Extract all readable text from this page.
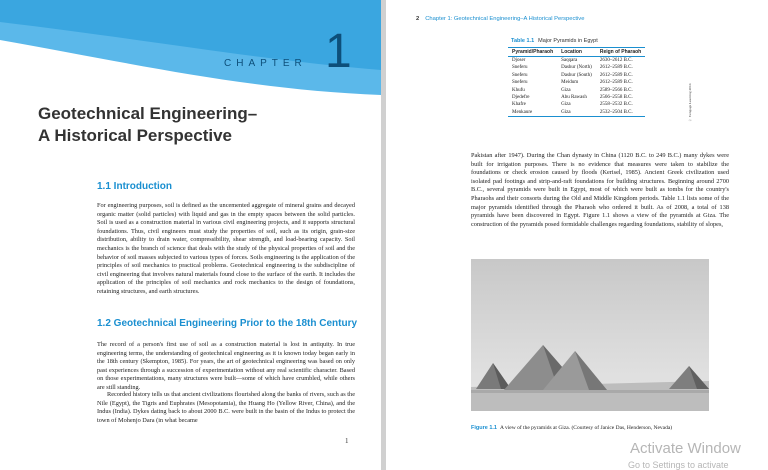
CHAPTER 1
Geotechnical Engineering–
A Historical Perspective
1.1 Introduction
For engineering purposes, soil is defined as the uncemented aggregate of mineral grains and decayed organic matter (solid particles) with liquid and gas in the empty spaces between the solid particles. Soil is used as a construction material in various civil engineering projects, and it supports structural foundations. Thus, civil engineers must study the properties of soil, such as its origin, grain-size distribution, ability to drain water, compressibility, shear strength, and load-bearing capacity. Soil mechanics is the branch of science that deals with the study of the physical properties of soil and the behavior of soil masses subjected to various types of forces. Soils engineering is the application of the principles of soil mechanics to practical problems. Geotechnical engineering is the subdiscipline of civil engineering that involves natural materials found close to the surface of the earth. It includes the application of the principles of soil mechanics and rock mechanics to the design of foundations, retaining structures, and earth structures.
1.2 Geotechnical Engineering Prior to the 18th Century
The record of a person's first use of soil as a construction material is lost in antiquity. In true engineering terms, the understanding of geotechnical engineering as it is known today began early in the 18th century (Skempton, 1985). For years, the art of geotechnical engineering was based on only past experiences through a succession of experimentation without any real scientific character. Based on those experimentations, many structures were built—some of which have crumbled, while others are still standing.
Recorded history tells us that ancient civilizations flourished along the banks of rivers, such as the Nile (Egypt), the Tigris and Euphrates (Mesopotamia), the Huang Ho (Yellow River, China), and the Indus (India). Dykes dating back to about 2000 B.C. were built in the basin of the Indus to protect the town of Mohenjo Dara (in what became
1
2 Chapter 1: Geotechnical Engineering–A Historical Perspective
Table 1.1 Major Pyramids in Egypt
Pyramid/Pharaoh	Location	Reign of Pharaoh
Djoser	Saqqara	2630–2612 B.C.
Sneferu	Dashur (North)	2612–2589 B.C.
Sneferu	Dashur (South)	2612–2589 B.C.
Sneferu	Meidum	2612–2589 B.C.
Khufu	Giza	2589–2566 B.C.
Djedefre	Abu Rawash	2566–2558 B.C.
Khafre	Giza	2558–2532 B.C.
Menkaure	Giza	2532–2504 B.C.	© Cengage Learning 2014
Pakistan after 1947). During the Chan dynasty in China (1120 B.C. to 249 B.C.) many dykes were built for irrigation purposes. There is no evidence that measures were taken to stabilize the foundations or check erosion caused by floods (Kerisel, 1985). Ancient Greek civilization used isolated pad footings and strip-and-raft foundations for building structures. Beginning around 2700 B.C., several pyramids were built in Egypt, most of which were built as tombs for the country's Pharaohs and their consorts during the Old and Middle Kingdom periods. Table 1.1 lists some of the major pyramids identified through the Pharaoh who ordered it built. As of 2008, a total of 138 pyramids have been discovered in Egypt. Figure 1.1 shows a view of the pyramids at Giza. The construction of the pyramids posed formidable challenges regarding foundations, stability of slopes,
Figure 1.1 A view of the pyramids at Giza. (Courtesy of Janice Das, Henderson, Nevada)
Activate Window
Go to Settings to activate
